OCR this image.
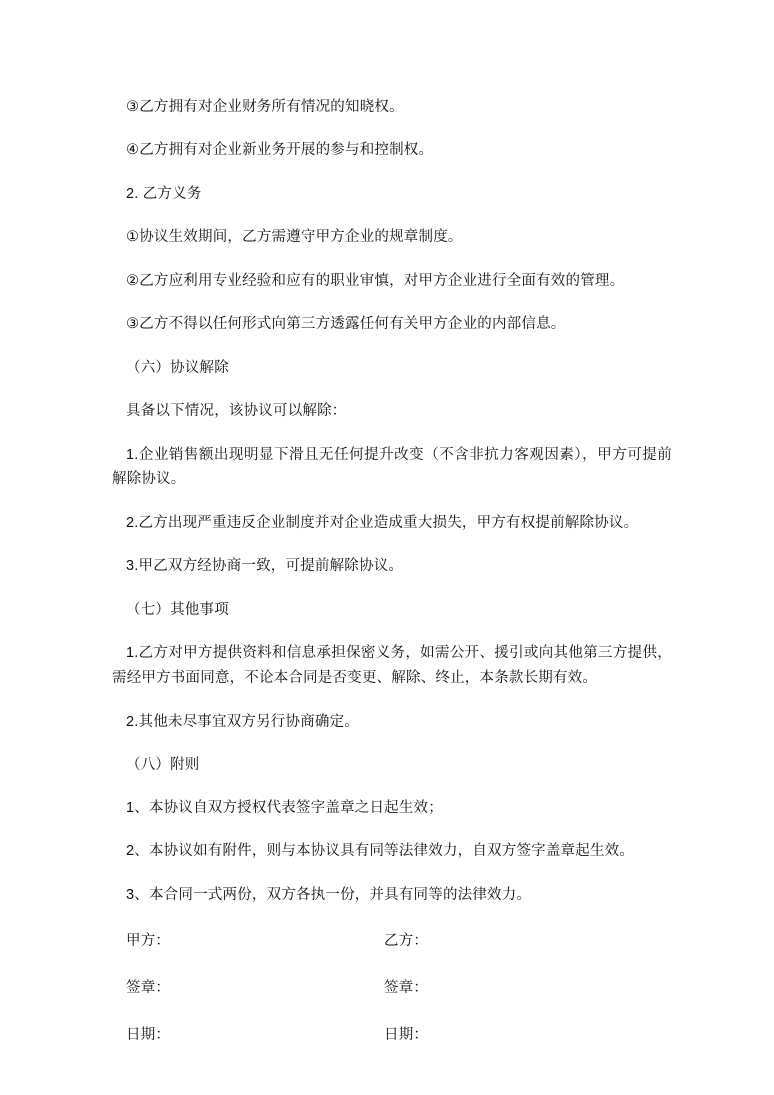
③乙方拥有对企业财务所有情况的知晓权。

④乙方拥有对企业新业务开展的参与和控制权。

2. 乙方义务

①协议生效期间，乙方需遵守甲方企业的规章制度。

②乙方应利用专业经验和应有的职业审慎，对甲方企业进行全面有效的管理。

③乙方不得以任何形式向第三方透露任何有关甲方企业的内部信息。

（六）协议解除

具备以下情况，该协议可以解除：

1.企业销售额出现明显下滑且无任何提升改变（不含非抗力客观因素），甲方可提前解除协议。

2.乙方出现严重违反企业制度并对企业造成重大损失，甲方有权提前解除协议。

3.甲乙双方经协商一致，可提前解除协议。

（七）其他事项

1.乙方对甲方提供资料和信息承担保密义务，如需公开、援引或向其他第三方提供，需经甲方书面同意，不论本合同是否变更、解除、终止，本条款长期有效。

2.其他未尽事宜双方另行协商确定。

（八）附则

1、本协议自双方授权代表签字盖章之日起生效；

2、本协议如有附件，则与本协议具有同等法律效力，自双方签字盖章起生效。

3、本合同一式两份，双方各执一份，并具有同等的法律效力。

甲方：	乙方：
签章：	签章：
日期：	日期：
